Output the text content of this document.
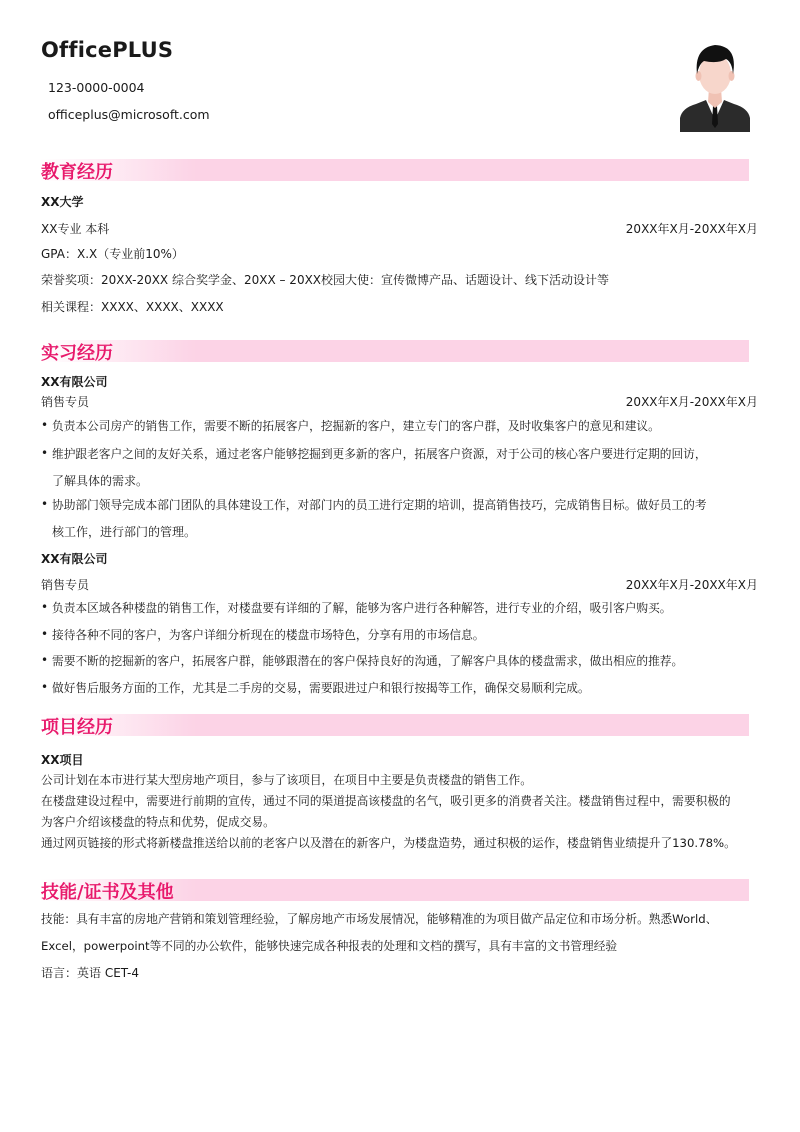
OfficePLUS
123-0000-0004
officeplus@microsoft.com
教育经历
XX大学
XX专业 本科	20XX年X月-20XX年X月
GPA：X.X（专业前10%）
荣誉奖项：20XX-20XX 综合奖学金、20XX – 20XX校园大使：宣传微博产品、话题设计、线下活动设计等
相关课程：XXXX、XXXX、XXXX
实习经历
XX有限公司
销售专员	20XX年X月-20XX年X月
• 负责本公司房产的销售工作，需要不断的拓展客户，挖掘新的客户，建立专门的客户群，及时收集客户的意见和建议。
• 维护跟老客户之间的友好关系，通过老客户能够挖掘到更多新的客户，拓展客户资源，对于公司的核心客户要进行定期的回访，
了解具体的需求。
• 协助部门领导完成本部门团队的具体建设工作，对部门内的员工进行定期的培训，提高销售技巧，完成销售目标。做好员工的考
核工作，进行部门的管理。
XX有限公司
销售专员	20XX年X月-20XX年X月
• 负责本区域各种楼盘的销售工作，对楼盘要有详细的了解，能够为客户进行各种解答，进行专业的介绍，吸引客户购买。
• 接待各种不同的客户，为客户详细分析现在的楼盘市场特色，分享有用的市场信息。
• 需要不断的挖掘新的客户，拓展客户群，能够跟潜在的客户保持良好的沟通，了解客户具体的楼盘需求，做出相应的推荐。
• 做好售后服务方面的工作，尤其是二手房的交易，需要跟进过户和银行按揭等工作，确保交易顺利完成。
项目经历
XX项目
公司计划在本市进行某大型房地产项目，参与了该项目，在项目中主要是负责楼盘的销售工作。
在楼盘建设过程中，需要进行前期的宣传，通过不同的渠道提高该楼盘的名气，吸引更多的消费者关注。楼盘销售过程中，需要积极的
为客户介绍该楼盘的特点和优势，促成交易。
通过网页链接的形式将新楼盘推送给以前的老客户以及潜在的新客户，为楼盘造势，通过积极的运作，楼盘销售业绩提升了130.78%。
技能/证书及其他
技能：具有丰富的房地产营销和策划管理经验，了解房地产市场发展情况，能够精准的为项目做产品定位和市场分析。熟悉World、
Excel，powerpoint等不同的办公软件，能够快速完成各种报表的处理和文档的撰写，具有丰富的文书管理经验
语言：英语 CET-4
